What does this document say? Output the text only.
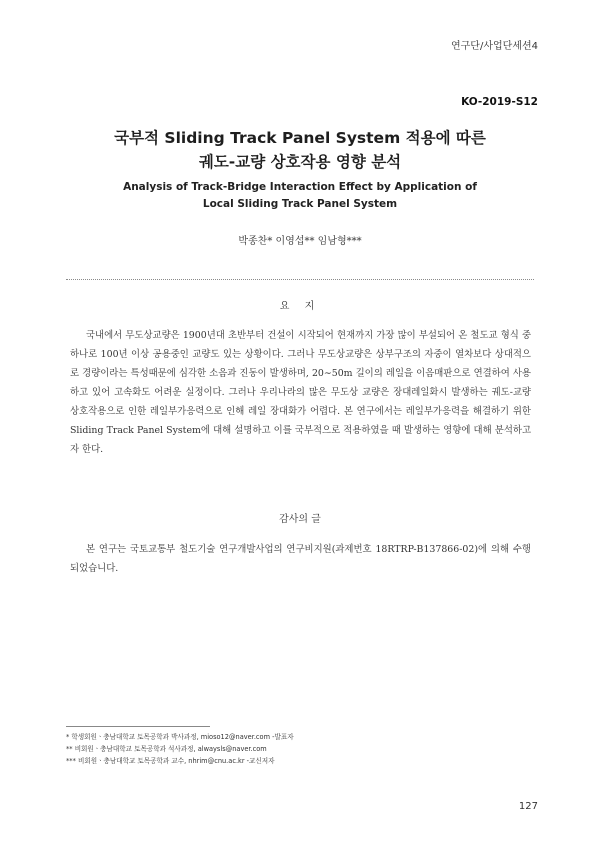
연구단/사업단세션4
KO-2019-S12
국부적 Sliding Track Panel System 적용에 따른
궤도-교량 상호작용 영향 분석
Analysis of Track-Bridge Interaction Effect by Application of
Local Sliding Track Panel System
박종찬* 이영섭** 임남형***
요 지

국내에서 무도상교량은 1900년대 초반부터 건설이 시작되어 현재까지 가장 많이 부설되어 온 철도교 형식 중 하나로 100년 이상 공용중인 교량도 있는 상황이다. 그러나 무도상교량은 상부구조의 자중이 열차보다 상대적으로 경량이라는 특성때문에 심각한 소음과 진동이 발생하며, 20∼50m 길이의 레일을 이음매판으로 연결하여 사용하고 있어 고속화도 어려운 실정이다. 그러나 우리나라의 많은 무도상 교량은 장대레일화시 발생하는 궤도-교량 상호작용으로 인한 레일부가응력으로 인해 레일 장대화가 어렵다. 본 연구에서는 레일부가응력을 해결하기 위한 Sliding Track Panel System에 대해 설명하고 이를 국부적으로 적용하였을 때 발생하는 영향에 대해 분석하고자 한다.

감사의 글

본 연구는 국토교통부 철도기술 연구개발사업의 연구비지원(과제번호 18RTRP-B137866-02)에 의해 수행되었습니다.

* 학생회원ㆍ충남대학교 토목공학과 박사과정, mioso12@naver.com -발표자
** 비회원ㆍ충남대학교 토목공학과 석사과정, alwaysls@naver.com
*** 비회원ㆍ충남대학교 토목공학과 교수, nhrim@cnu.ac.kr -교신저자
127
